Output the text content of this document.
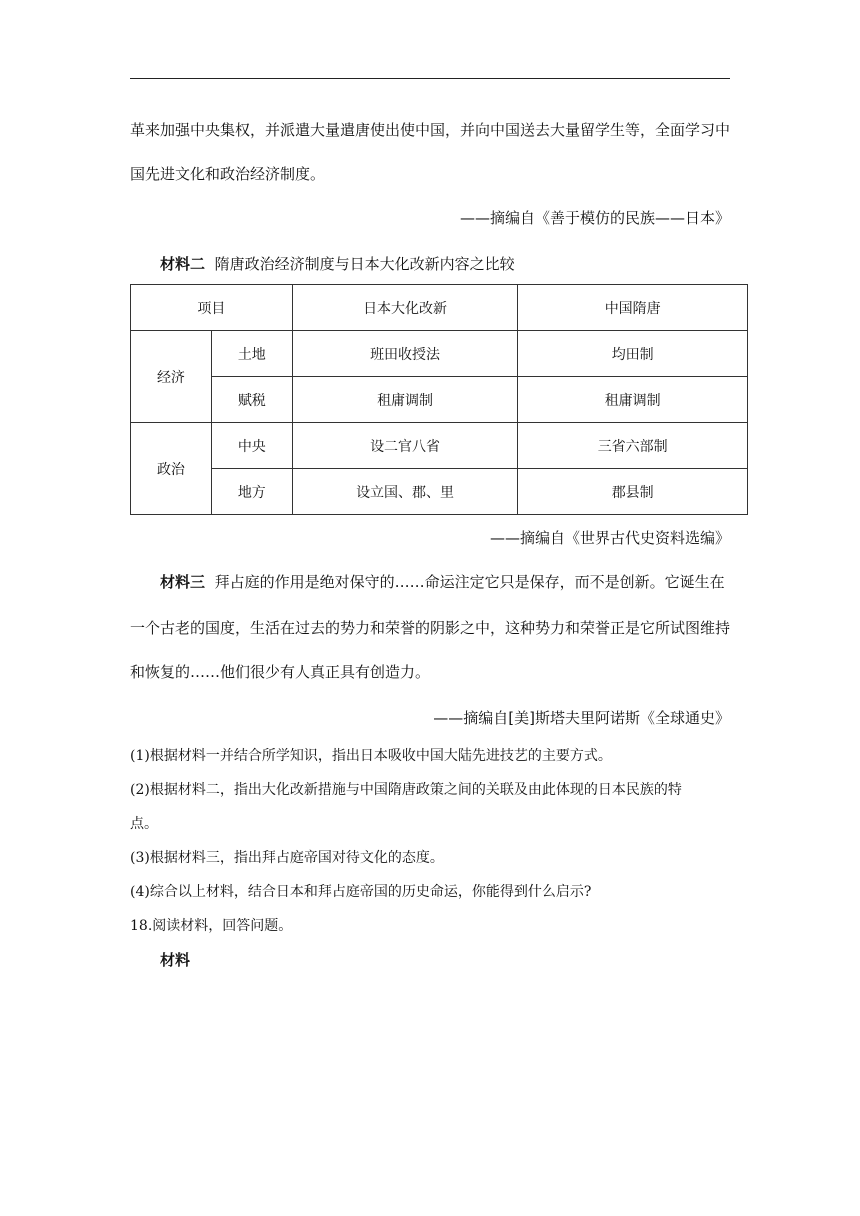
革来加强中央集权，并派遣大量遣唐使出使中国，并向中国送去大量留学生等，全面学习中
国先进文化和政治经济制度。
——摘编自《善于模仿的民族——日本》
材料二 隋唐政治经济制度与日本大化改新内容之比较
项目		日本大化改新	中国隋唐
经济	土地	班田收授法	均田制
	赋税	租庸调制	租庸调制
政治	中央	设二官八省	三省六部制
	地方	设立国、郡、里	郡县制
——摘编自《世界古代史资料选编》
材料三 拜占庭的作用是绝对保守的……命运注定它只是保存，而不是创新。它诞生在
一个古老的国度，生活在过去的势力和荣誉的阴影之中，这种势力和荣誉正是它所试图维持
和恢复的……他们很少有人真正具有创造力。
——摘编自[美]斯塔夫里阿诺斯《全球通史》
(1)根据材料一并结合所学知识，指出日本吸收中国大陆先进技艺的主要方式。
(2)根据材料二，指出大化改新措施与中国隋唐政策之间的关联及由此体现的日本民族的特
点。
(3)根据材料三，指出拜占庭帝国对待文化的态度。
(4)综合以上材料，结合日本和拜占庭帝国的历史命运，你能得到什么启示?
18.阅读材料，回答问题。
材料
